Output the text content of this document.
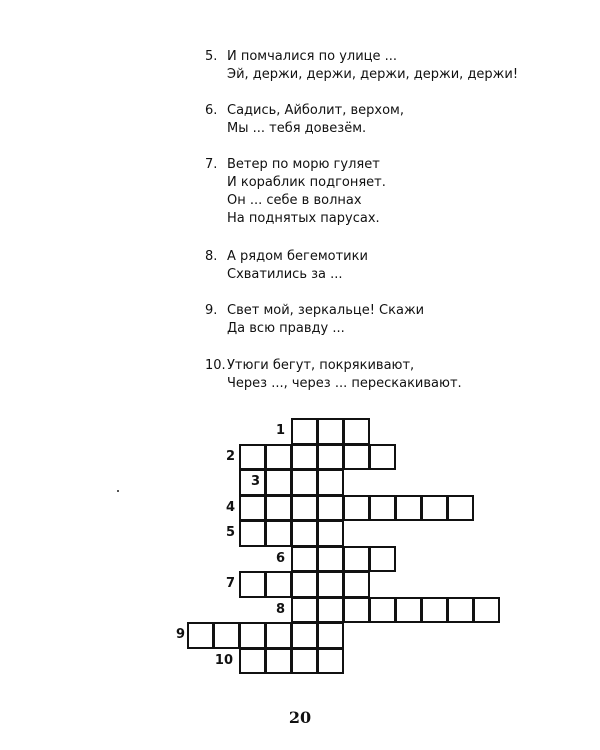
5. И помчалися по улице ...
Эй, держи, держи, держи, держи, держи!
6. Садись, Айболит, верхом,
Мы ... тебя довезём.
7. Ветер по морю гуляет
И кораблик подгоняет.
Он ... себе в волнах
На поднятых парусах.
8. А рядом бегемотики
Схватились за ...
9. Свет мой, зеркальце! Скажи
Да всю правду ...
10.Утюги бегут, покрякивают,
Через ..., через ... перескакивают.
1
2
3
4
5
6
7
8
9
10
20
